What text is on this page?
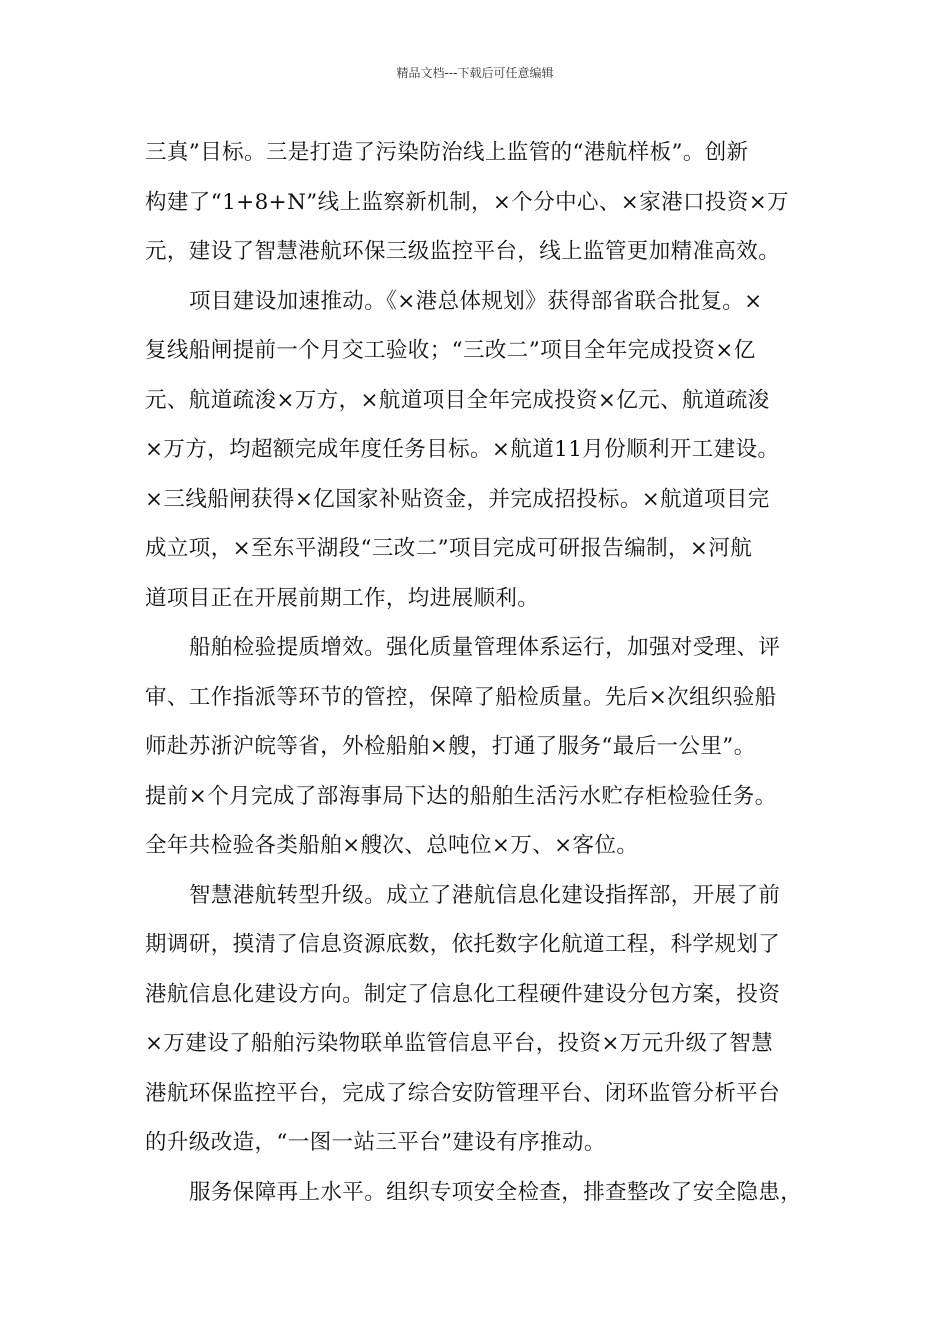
精品文档---下载后可任意编辑

三真”目标。三是打造了污染防治线上监管的“港航样板”。创新
构建了“1+8+N”线上监察新机制，×个分中心、×家港口投资×万
元，建设了智慧港航环保三级监控平台，线上监管更加精准高效。

项目建设加速推动。《×港总体规划》获得部省联合批复。×
复线船闸提前一个月交工验收；“三改二”项目全年完成投资×亿
元、航道疏浚×万方，×航道项目全年完成投资×亿元、航道疏浚
×万方，均超额完成年度任务目标。×航道11月份顺利开工建设。
×三线船闸获得×亿国家补贴资金，并完成招投标。×航道项目完
成立项，×至东平湖段“三改二”项目完成可研报告编制，×河航
道项目正在开展前期工作，均进展顺利。

船舶检验提质增效。强化质量管理体系运行，加强对受理、评
审、工作指派等环节的管控，保障了船检质量。先后×次组织验船
师赴苏浙沪皖等省，外检船舶×艘，打通了服务“最后一公里”。
提前×个月完成了部海事局下达的船舶生活污水贮存柜检验任务。
全年共检验各类船舶×艘次、总吨位×万、×客位。

智慧港航转型升级。成立了港航信息化建设指挥部，开展了前
期调研，摸清了信息资源底数，依托数字化航道工程，科学规划了
港航信息化建设方向。制定了信息化工程硬件建设分包方案，投资
×万建设了船舶污染物联单监管信息平台，投资×万元升级了智慧
港航环保监控平台，完成了综合安防管理平台、闭环监管分析平台
的升级改造，“一图一站三平台”建设有序推动。

服务保障再上水平。组织专项安全检查，排查整改了安全隐患，
